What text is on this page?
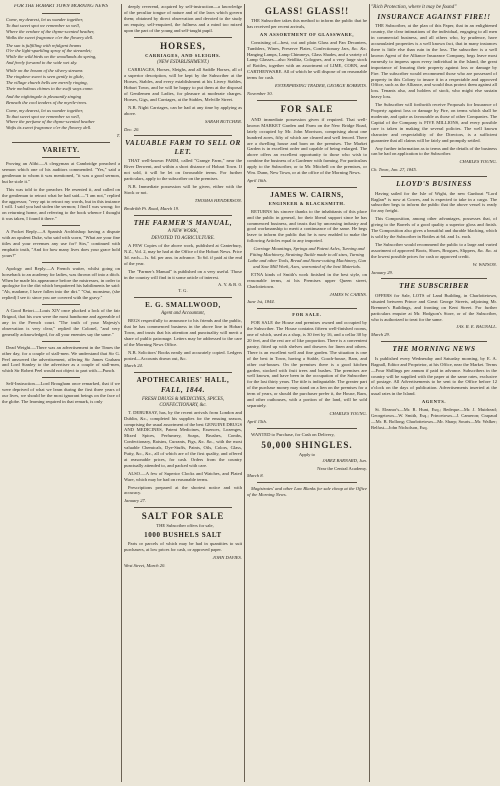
FOR THE HOBART TOWN MORNING NEWS

Come, my dearest, let us wander together,
To that sweet spot we remember so well,
Where the verdure of the thyme-scented heather,
Walks the sweet fragrance o'er the flowery dell.

The sun is fulfilling with refulgent beams
O'er the light-sparkling spray of the streamlet;
While the wild birds on the woodlands do spring,
And freely forward to the wide wet sky.

While on the bosom of the silvery streams
The ringdove sweet is seen gently to glide,
The village church bells are merrily ringing,
Their melodious chimes to the swift ways come.

And the nightingale is pleasantly singing
Beneath the cool tenders of the myrtle-trees.

Come, my dearest, let us wander together,
To that sweet spot we remember so well,
Where the perfume of the thyme-scented heather
Wafts its sweet fragrance o'er the flowery dell.

T.
VARIETY.

Proving an Alibi.—A clergyman at Cambridge preached a sermon which one of his auditors commended. "Yes," said a gentleman to whom it was mentioned, "it was a good sermon, but he stole it."

This was told to the preacher. He resented it, and called on the gentleman to retract what he had said.—"I am not," replied the aggressor, "very apt to retract my words, but in this instance I will. I said you had stolen the sermon; I find I was wrong; for on returning home, and referring to the book whence I thought it was taken, I found it there."

A Pocket Reply.—A Spanish Archbishop having a dispute with an opulent Duke, who said with scorn, "What are your fine titles and your revenues any use for? Sirs," continued with emphatic truth, "And for how many lives does your grace hold yours?"

Apology and Reply.—A French waiter, whilst going on horseback to an academy for ladies, was thrown off into a ditch. When he made his appearance before the mistresses, in order to apologise for the dirt which bespattered his habiliments he said: "Ah, madame, I have fallen into the dirt." "Oui, monsieur, (she replied) I see it: since you are covered with the gravy."

A Good Retort.—Louis XIV once plucked a lock of the fair Brignol, that his own were the most handsome and agreeable of any in the French court. "The truth of your Majesty's observation is very clear," replied the Colonel, "and very generally acknowledged, for all your enemies say the same."

Dead Weight.—There was an advertisement in the Times the other day, for a couple of stall-men. We understand that Sir G. Peel answered the advertisement, offering Sir James Graham and Lord Stanley to the advertiser as a couple of stall-men, which Sir Robert Peel would not object to part with.—Punch.

Self-Instruction.—Lord Brougham once remarked, that if we were deprived of what we learn during the first three years of our lives, we should be the most ignorant beings on the face of the globe. The learning required in that remark, is only

deeply reverend, acquired by self-instruction—a knowledge of the peculiar tongue of nature and of the laws which govern them; obtained by direct observation and devoted to the study on enquiry, self-enquired, the fullness and a mind too mixed upon the part of the young and self-taught pupil.

HORSES,
CARRIAGES, AND SLEIGHS.
(NEW ESTABLISHMENT.)

CARRIAGES, Horses, Sleighs, and all Saddle Horses, all of a superior description, will be kept by the Subscriber at the Horses, Stables, and every establishment at his Livery Stables, Hobart Town, and he will be happy to put them at the disposal of Gentlemen and Ladies, for pleasure at moderate charges. Horses, Gigs, and Carriages, at the Stables, Melville Street.

N.B. Night Carriages, can be had at any time by applying as above.

SARAH BUTCHER.
Dec. 20.
VALUABLE FARM TO SELL OR LET.

THAT well-known FARM, called "Grange Farm," near the River Derwent, and within a short distance of Hobart Town. If not sold, it will be let on favourable terms. For further particulars, apply to the subscriber on the premises.

N.B. Immediate possession will be given, either with the Stock or not.

THOMAS HENDERSON.
Brodribb Pt. Road, March 19.
THE FARMER'S MANUAL,
A NEW WORK,
DEVOTED TO AGRICULTURE.

A FEW Copies of the above work, published at Canterbury, N.Z., Vol. 2, may be had at the Office of the Hobart News. Price 3d. each—1s. 6d. per ann. in advance. To 6d. if paid at the end of the year.

The "Farmer's Manual" is published on a very useful. Those in the country will find in it some article of interest.

A. Y. & B. 0.
T. G.
E. G. SMALLWOOD,
Agent and Accountant,

BEGS respectfully to announce to his friends and the public, that he has commenced business in the above line in Hobart Town, and trusts that his attention and punctuality will merit a share of public patronage. Letters may be addressed to the care of the Morning News Office.

N.B. Solicitors' Books neatly and accurately copied. Ledgers posted—Accounts drawn out, &c.

March 24.
APOTHECARIES' HALL,
FALL, 1844.
FRESH DRUGS & MEDICINES, SPICES, CONFECTIONARY, &c.

T. DEBURSAY, has, by the recent arrivals from London and Dublin, &c., completed his supplies for the ensuing season, comprising the usual assortment of the best GENUINE DRUGS AND MEDICINES, Patent Medicines, Essences, Lozenges, Mixed Spices, Perfumery, Soaps, Brushes, Combs, Confectionary, Raisins, Currants, Figs, &c. &c., with the most valuable Chemicals, Dye-Stuffs, Paints, Oils, Colors, Glass, Putty, &c., &c., all of which are of the first quality, and offered at reasonable prices, for cash. Orders from the country punctually attended to, and packed with care.

ALSO.—A few of Superior Clocks and Watches, and Plated Ware, which may be had on reasonable terms.

Prescriptions prepared at the shortest notice and with accuracy.

January 27.
SALT FOR SALE

THE Subscriber offers for sale,

1000 BUSHELS SALT

Parts or parcels of which may be had in quantities to suit purchasers, at low prices for cash, or approved paper.

JOHN DAVIES.
West Street, March 20.
GLASS! GLASS!!

THE Subscriber takes this method to inform the public that he has received per recent arrivals,

AN ASSORTMENT OF GLASSWARE,

Consisting of—best, cut and plain Glass and Fan Decanters, Tumblers, Wines, Preserve Plates, Confectionary Jars, &c. &c. Hanging Lamps, Lamp Chimneys, Glass Shades, and a variety of Lamp Glasses—also Seidlitz, Colognes, and a very large stock of Bottles, together with an assortment of LIME, CORN, and CARTHENWARE. All of which he will dispose of on reasonable terms for cash.

ENTERPRISING TRADER, GEORGE ROBERTS.
November 30.
FOR SALE

AND immediate possession given if required. That well-known MARKET Garden and Farm on the New Bridge Road, lately occupied by Mr. John Morrison, comprising about one hundred acres, fifty of which are cleared and well fenced. There are a dwelling house and barn on the premises. The Market Garden is in excellent order and capable of being enlarged. The above offers an excellent opportunity to those who wish to combine the business of a Gardener with farming. For particulars apply to the Subscriber, or to Mr. Mitchell on the premises, or Wm. Dunn, New Town, or at the office of the Morning News.

April 16th.
JAMES W. CAIRNS,
ENGINEER & BLACKSMITH.

RETURNS his sincere thanks to the inhabitants of this place and the public in general, for their liberal support since he has commenced business, and trusts that by unceasing industry and good workmanship to merit a continuance of the same. He begs leave to inform the public that he is now enabled to make the following Articles equal to any imported.

Carriage Mountings, Springs and Patent Axles, Turning and Fitting Machinery, Straining Tackle made to all sizes, Turning Lathe and other Tools, Bread and Stone-cutting Machinery, Gun and Saw Mill Work, Axes, warranted of the best Materials.

ETNA kinds of Smith's work finished in the best style, on reasonable terms, at his Premises upper Queen street, Charlottetown.

JAMES W. CAIRNS.
June 1st, 1844.
FOR SALE.

FOR SALE the House and premises owned and occupied by the Subscriber. The House contains fifteen well-finished rooms, one of which, used as a shop, is 30 feet by 16, and a cellar 30 by 20 feet, and the rest are of like proportion. There is a convenient pantry, fitted up with shelves and drawers for linen and others. There is an excellent well and fine garden. The situation is one of the best in Town, having a Stable, Coach-house, Barn, and other out-houses. On the premises there is a good kitchen garden, stocked with fruit trees and bushes. The premises are well known, and have been in the occupation of the Subscriber for the last thirty years. The title is indisputable. The greater part of the purchase money may stand on a lien on the premises for a term of years, or should the purchaser prefer it, the House, Barn, and other outhouses, with a portion of the land, will be sold separately.

CHARLES YOUNG.
April 15th.

WANTED to Purchase, for Cash on Delivery,

50,000 SHINGLES.
Apply to
JABEZ BARNARD, Jun.
Near the Central Academy.
March 8.

Magistrates' and other Law Blanks for sale cheap at the Office of the Morning News.

"Rich Protection, where it may be found"
INSURANCE AGAINST FIRE!!

THE Subscriber, at the plan of this Paper, that in an enlightened country, the clear intimations of the individual, engaging to all men in commercial business, and all others who, by prudence, have accumulated properties is a well known fact, that in many instances there is little else than ruin in the loss. The subscriber is a well known Agent of the Alliance Insurance Company, begs leave most earnestly to impress upon every individual in the Island, the great importance of Insuring their property against loss or damage by Fire. The subscriber would recommend those who are possessed of property in this Colony to insure it in a respectable and approved Office, such as the Alliance, and would thus protect them against all loss. Tenants also, and holders of stock, who might else sustain heavy loss.

The Subscriber will forthwith receive Proposals for Insurance of Property against loss or damage by Fire, on terms which shall be moderate, and quite as favourable as those of other Companies. The Capital of the Company is FIVE MILLIONS, and every possible care is taken in making the several policies. The well known character and respectability of the Directors, is a sufficient guarantee that all claims will be fairly and promptly settled.

Any further information as to terms and the details of the business can be had on application to the Subscriber.

CHARLES YOUNG.
Ch. Town, Jan. 27, 1845.
LLOYD'S BUSINESS

Having sailed for the Isle of Wight, the new Gunboat *Lord Raglan* is now at Cowes, and is expected to take in a cargo. The subscriber begs to inform the public that the above vessel is ready for any freight.

This Composition, among other advantages, possesses that, of giving to the Barrels of a good quality a superior gloss and finish. The Composition also gives a beautiful and durable blacking, which is sold by the Subscriber in Bottles at 6d. and 1s. each.

The Subscriber would recommend the public to a large and varied assortment of approved Boots, Shoes, Brogues, Slippers, &c. &c. at the lowest possible prices for cash or approved credit.

W. WATSON.
January 29.
THE SUBSCRIBER

OFFERS for Sale, LOTS of Land Building, in Charlottetown, situated between Prince and Great George Streets, adjoining Mr. Bremner's Buildings, and fronting on Kent Street. For further particulars enquire at Mr. Hodgson's Store, or of the Subscriber, who is authorized to treat for the same.

JAS. R. E. BAGNALL.
March 29.
THE MORNING NEWS

Is published every Wednesday and Saturday morning, by E. A. Bagnall, Editor and Proprietor, at his Office, near the Market. Terms—Four Shillings per annum if paid in advance. Subscribers in the country will be supplied with the paper at the same rates, exclusive of postage. All Advertisements to be sent to the Office before 12 o'clock on the days of publication. Advertisements inserted at the usual rates in the Island.

AGENTS.

St. Eleanor's—Mr. R. Hunt, Esq.; Bedeque—Mr. J. Muirhead; Georgetown—W. Smith, Esq.; Princetown—J. Cameron; Crapaud—Mr. B. Bollong; Charlottetown—Mr. Sharp; Souris—Mr. Walker; Belfast—John Nicholson, Esq.
